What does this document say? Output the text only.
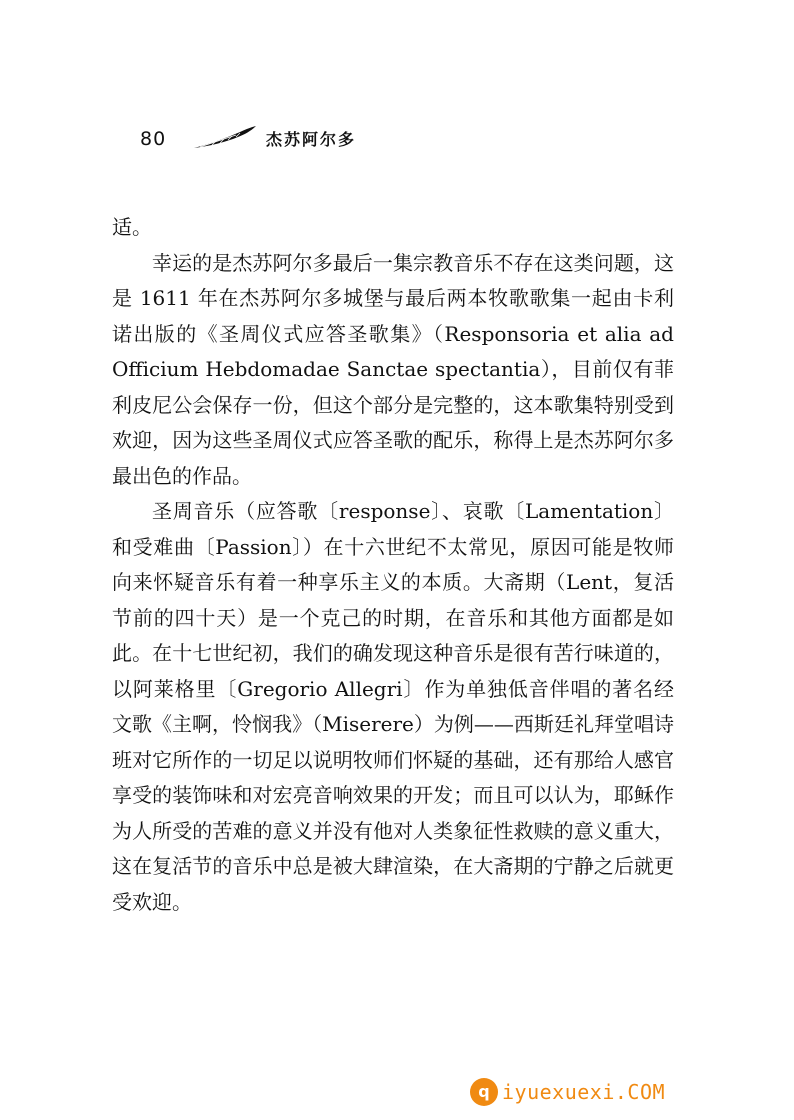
80	杰苏阿尔多

适。

幸运的是杰苏阿尔多最后一集宗教音乐不存在这类问题，这是 1611 年在杰苏阿尔多城堡与最后两本牧歌歌集一起由卡利诺出版的《圣周仪式应答圣歌集》（Responsoria et alia ad Officium Hebdomadae Sanctae spectantia），目前仅有菲利皮尼公会保存一份，但这个部分是完整的，这本歌集特别受到欢迎，因为这些圣周仪式应答圣歌的配乐，称得上是杰苏阿尔多最出色的作品。

圣周音乐（应答歌〔response〕、哀歌〔Lamentation〕和受难曲〔Passion〕）在十六世纪不太常见，原因可能是牧师向来怀疑音乐有着一种享乐主义的本质。大斋期（Lent，复活节前的四十天）是一个克己的时期，在音乐和其他方面都是如此。在十七世纪初，我们的确发现这种音乐是很有苦行味道的，以阿莱格里〔Gregorio Allegri〕作为单独低音伴唱的著名经文歌《主啊，怜悯我》（Miserere）为例——西斯廷礼拜堂唱诗班对它所作的一切足以说明牧师们怀疑的基础，还有那给人感官享受的装饰味和对宏亮音响效果的开发；而且可以认为，耶稣作为人所受的苦难的意义并没有他对人类象征性救赎的意义重大，这在复活节的音乐中总是被大肆渲染，在大斋期的宁静之后就更受欢迎。

q iyuexuexi.COM
